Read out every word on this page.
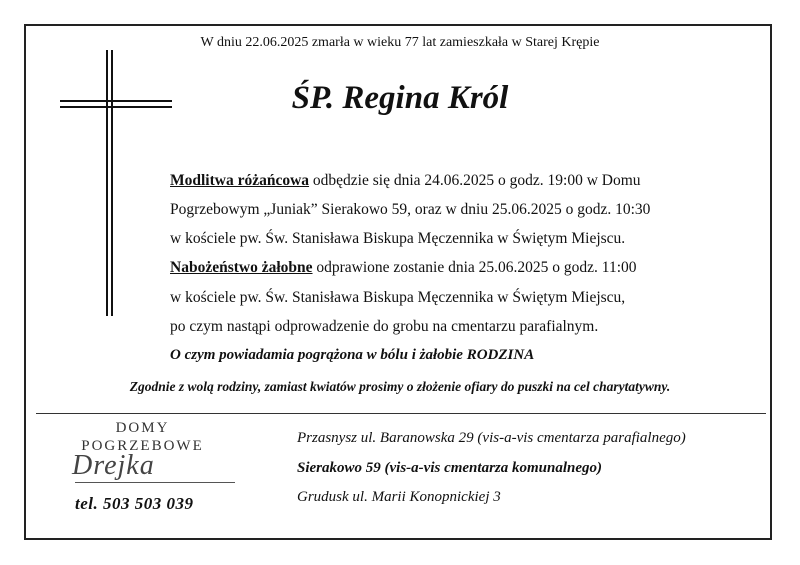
W dniu 22.06.2025 zmarła w wieku 77 lat zamieszkała w Starej Krępie
ŚP. Regina Król
Modlitwa różańcowa odbędzie się dnia 24.06.2025 o godz. 19:00 w Domu
Pogrzebowym „Juniak” Sierakowo 59, oraz w dniu 25.06.2025 o godz. 10:30
w kościele pw. Św. Stanisława Biskupa Męczennika w Świętym Miejscu.
Nabożeństwo żałobne odprawione zostanie dnia 25.06.2025 o godz. 11:00
w kościele pw. Św. Stanisława Biskupa Męczennika w Świętym Miejscu,
po czym nastąpi odprowadzenie do grobu na cmentarzu parafialnym.
O czym powiadamia pogrążona w bólu i żałobie RODZINA
Zgodnie z wolą rodziny, zamiast kwiatów prosimy o złożenie ofiary do puszki na cel charytatywny.
DOMY
POGRZEBOWE
Drejka
tel. 503 503 039
Przasnysz ul. Baranowska 29 (vis-a-vis cmentarza parafialnego)
Sierakowo 59 (vis-a-vis cmentarza komunalnego)
Grudusk ul. Marii Konopnickiej 3
